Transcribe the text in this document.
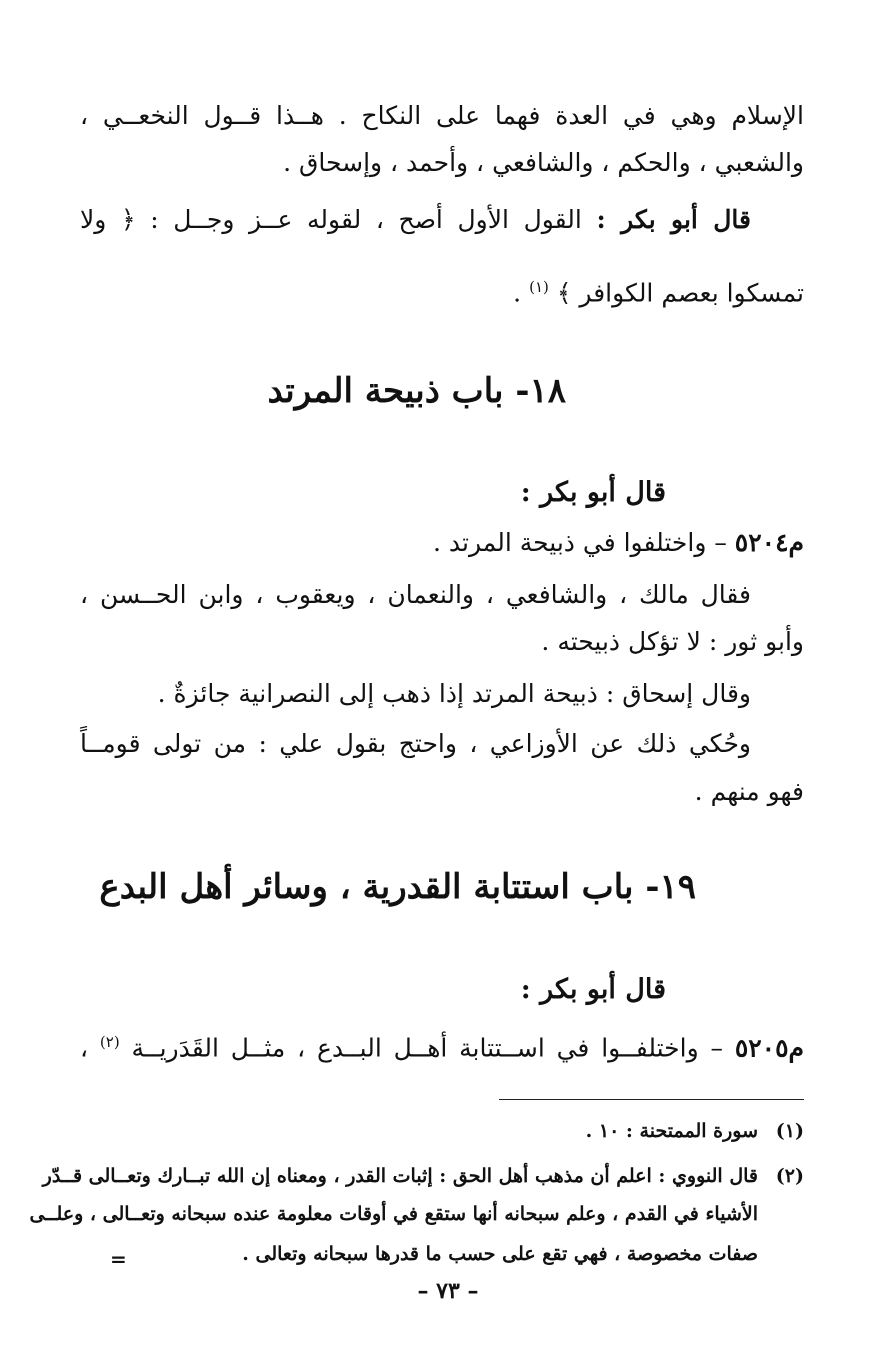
الإسلام وهي في العدة فهما على النكاح . هــذا قــول النخعــي ،
والشعبي ، والحكم ، والشافعي ، وأحمد ، وإسحاق .
قال أبو بكر : القول الأول أصح ، لقوله عــز وجــل : ﴿ ولا
تمسكوا بعصم الكوافر ﴾ $^{(١)}$ .
١٨- باب ذبيحة المرتد
قال أبو بكر :
م٥٢٠٤ – واختلفوا في ذبيحة المرتد .
فقال مالك ، والشافعي ، والنعمان ، ويعقوب ، وابن الحــسن ،
وأبو ثور : لا تؤكل ذبيحته .
وقال إسحاق : ذبيحة المرتد إذا ذهب إلى النصرانية جائزةٌ .
وحُكي ذلك عن الأوزاعي ، واحتج بقول علي : من تولى قومــاً
فهو منهم .
١٩- باب استتابة القدرية ، وسائر أهل البدع
قال أبو بكر :
م٥٢٠٥ – واختلفــوا في اســتتابة أهــل البــدع ، مثــل القَدَريــة $^{(٢)}$ ،
(١)سورة الممتحنة : ١٠ .
(٢)قال النووي : اعلم أن مذهب أهل الحق : إثبات القدر ، ومعناه إن الله تبــارك وتعــالى قــدّر
الأشياء في القدم ، وعلم سبحانه أنها ستقع في أوقات معلومة عنده سبحانه وتعــالى ، وعلــى
صفات مخصوصة ، فهي تقع على حسب ما قدرها سبحانه وتعالى .
=
– ٧٣ –
